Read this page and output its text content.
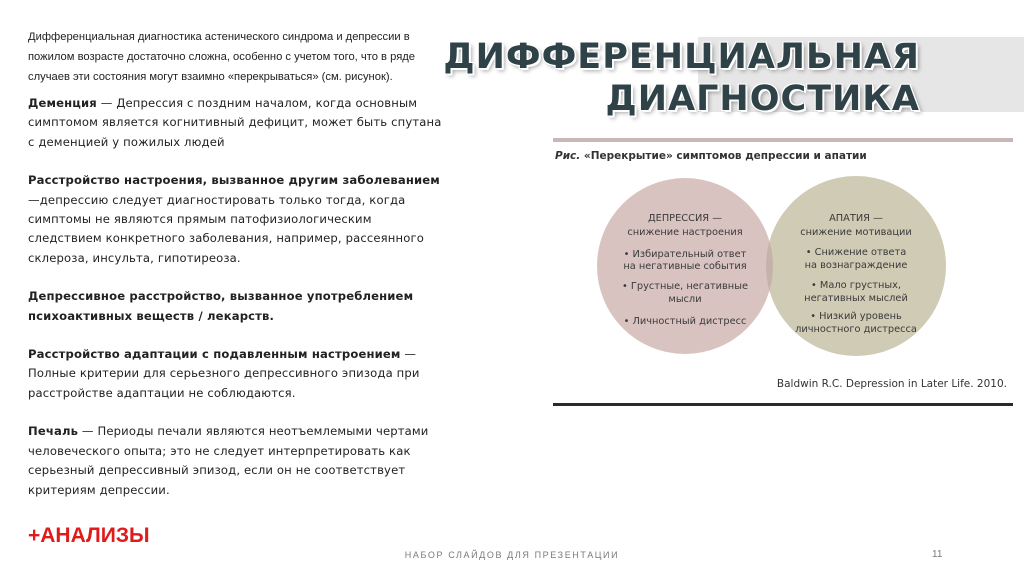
ДИФФЕРЕНЦИАЛЬНАЯ
ДИАГНОСТИКА
Дифференциальная диагностика астенического синдрома и депрессии в пожилом возрасте достаточно сложна, особенно с учетом того, что в ряде случаев эти состояния могут взаимно «перекрываться» (см. рисунок).

Деменция — Депрессия с поздним началом, когда основным симптомом является когнитивный дефицит, может быть спутана с деменцией у пожилых людей

Расстройство настроения, вызванное другим заболеванием —депрессию следует диагностировать только тогда, когда симптомы не являются прямым патофизиологическим следствием конкретного заболевания, например, рассеянного склероза, инсульта, гипотиреоза.

Депрессивное расстройство, вызванное употреблением психоактивных веществ / лекарств.

Расстройство адаптации с подавленным настроением — Полные критерии для серьезного депрессивного эпизода при расстройстве адаптации не соблюдаются.

Печаль — Периоды печали являются неотъемлемыми чертами человеческого опыта; это не следует интерпретировать как серьезный депрессивный эпизод, если он не соответствует критериям депрессии.

+АНАЛИЗЫ
Рис. «Перекрытие» симптомов депрессии и апатии
ДЕПРЕССИЯ —
снижение настроения
• Избирательный ответ
на негативные события
• Грустные, негативные
мысли
• Личностный дистресс
АПАТИЯ —
снижение мотивации
• Снижение ответа
на вознаграждение
• Мало грустных,
негативных мыслей
• Низкий уровень
личностного дистресса
Baldwin R.C. Depression in Later Life. 2010.
НАБОР СЛАЙДОВ ДЛЯ ПРЕЗЕНТАЦИИ	11
